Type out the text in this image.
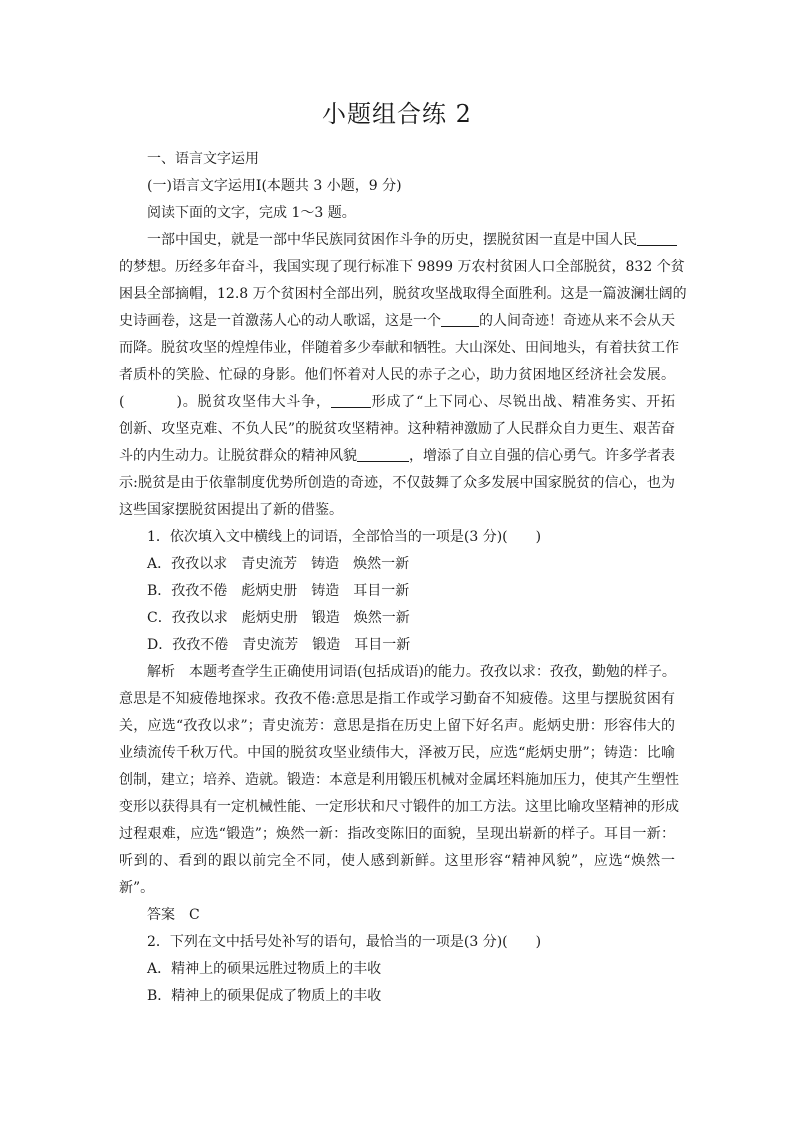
小题组合练 2
一、语言文字运用
(一)语言文字运用Ⅰ(本题共 3 小题，9 分)
阅读下面的文字，完成 1～3 题。
一部中国史，就是一部中华民族同贫困作斗争的历史，摆脱贫困一直是中国人民
的梦想。历经多年奋斗，我国实现了现行标准下 9899 万农村贫困人口全部脱贫，832 个贫
困县全部摘帽，12.8 万个贫困村全部出列，脱贫攻坚战取得全面胜利。这是一篇波澜壮阔的
史诗画卷，这是一首激荡人心的动人歌谣，这是一个	的人间奇迹！奇迹从来不会从天
而降。脱贫攻坚的煌煌伟业，伴随着多少奉献和牺牲。大山深处、田间地头，有着扶贫工作
者质朴的笑脸、忙碌的身影。他们怀着对人民的赤子之心，助力贫困地区经济社会发展。
(	)。脱贫攻坚伟大斗争，	形成了“上下同心、尽锐出战、精准务实、开拓
创新、攻坚克难、不负人民”的脱贫攻坚精神。这种精神激励了人民群众自力更生、艰苦奋
斗的内生动力。让脱贫群众的精神风貌	，增添了自立自强的信心勇气。许多学者表
示:脱贫是由于依靠制度优势所创造的奇迹，不仅鼓舞了众多发展中国家脱贫的信心，也为
这些国家摆脱贫困提出了新的借鉴。
1．依次填入文中横线上的词语，全部恰当的一项是(3 分)(　　)
A．孜孜以求　青史流芳　铸造　焕然一新
B．孜孜不倦　彪炳史册　铸造　耳目一新
C．孜孜以求　彪炳史册　锻造　焕然一新
D．孜孜不倦　青史流芳　锻造　耳目一新
解析　 本题考查学生正确使用词语(包括成语)的能力。孜孜以求：孜孜，勤勉的样子。
意思是不知疲倦地探求。孜孜不倦:意思是指工作或学习勤奋不知疲倦。这里与摆脱贫困有
关，应选“孜孜以求”；青史流芳：意思是指在历史上留下好名声。彪炳史册：形容伟大的
业绩流传千秋万代。中国的脱贫攻坚业绩伟大，泽被万民，应选“彪炳史册”；铸造：比喻
创制，建立；培养、造就。锻造：本意是利用锻压机械对金属坯料施加压力，使其产生塑性
变形以获得具有一定机械性能、一定形状和尺寸锻件的加工方法。这里比喻攻坚精神的形成
过程艰难，应选“锻造”；焕然一新：指改变陈旧的面貌，呈现出崭新的样子。耳目一新：
听到的、看到的跟以前完全不同，使人感到新鲜。这里形容“精神风貌”，应选“焕然一
新”。
答案　 C
2．下列在文中括号处补写的语句，最恰当的一项是(3 分)(　　)
A．精神上的硕果远胜过物质上的丰收
B．精神上的硕果促成了物质上的丰收
